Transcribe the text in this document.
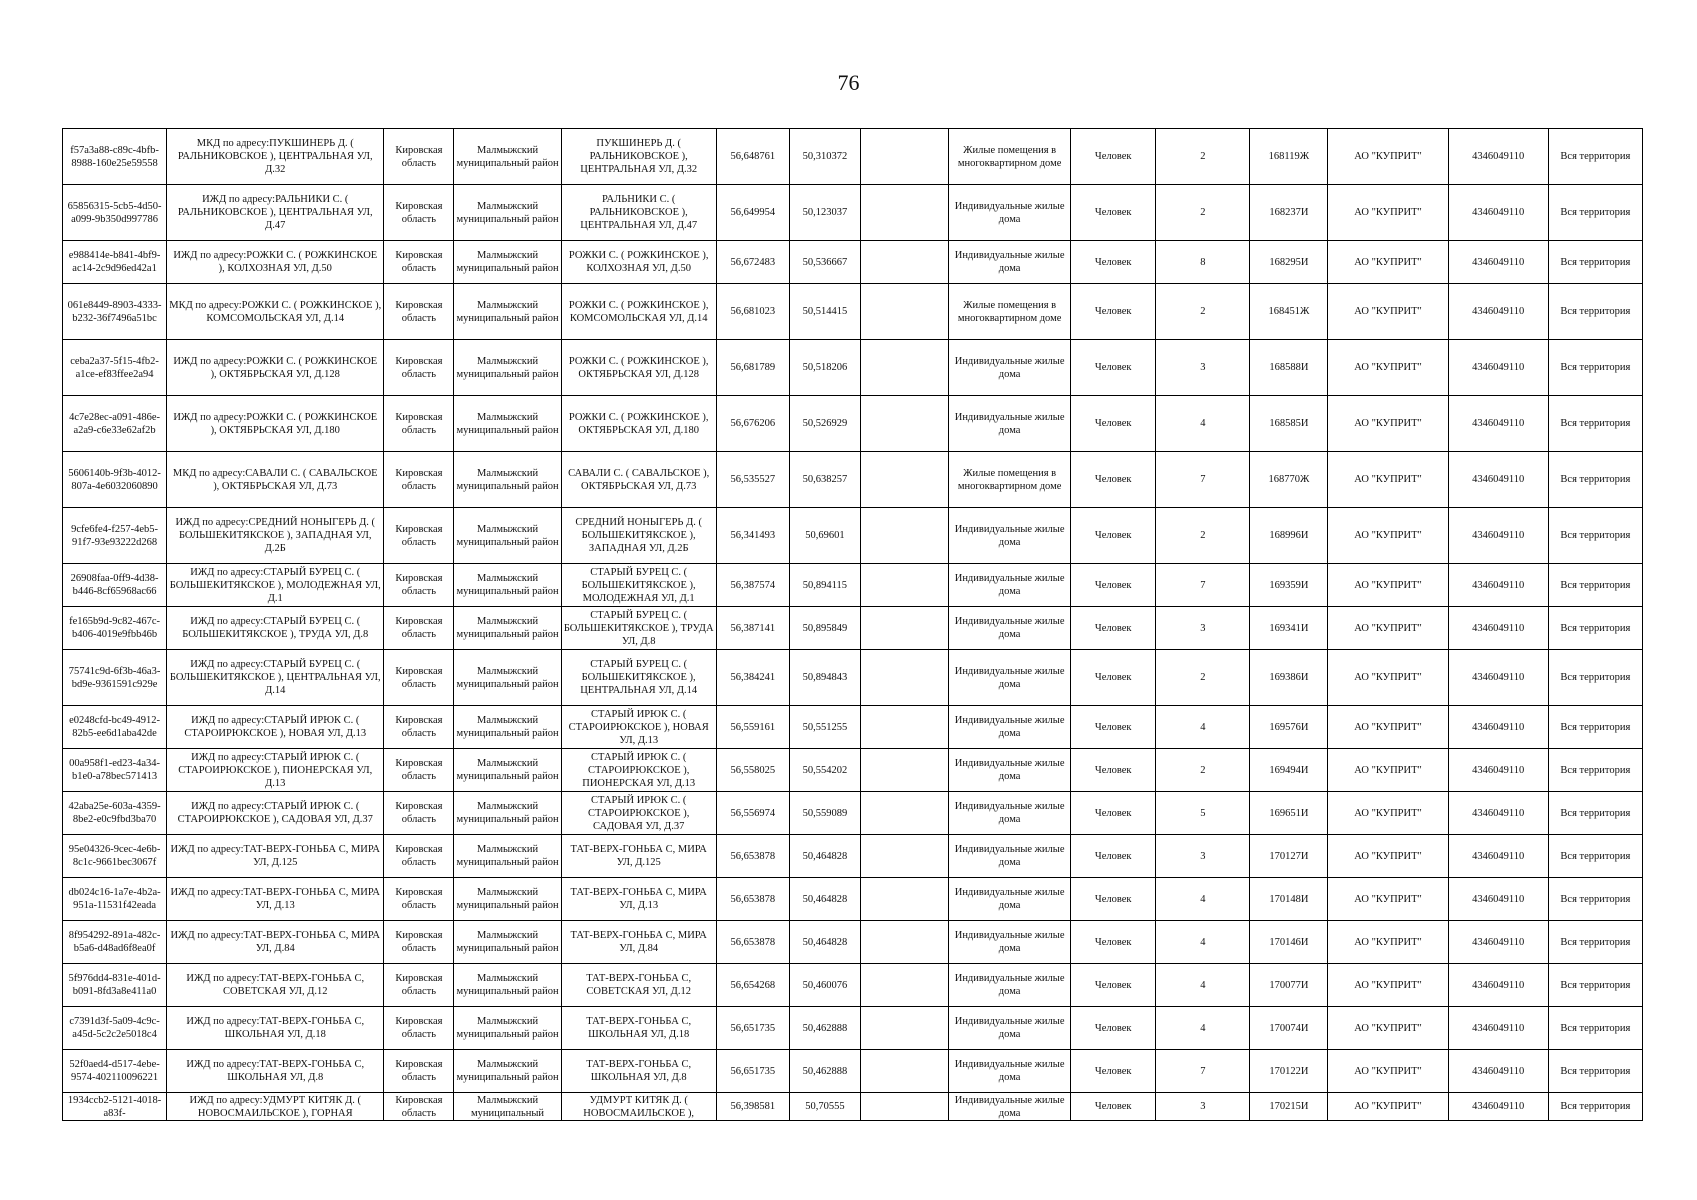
76
f57a3a88-c89c-4bfb-8988-160e25e59558	МКД по адресу:ПУКШИНЕРЬ Д. ( РАЛЬНИКОВСКОЕ ), ЦЕНТРАЛЬНАЯ УЛ, Д.32	Кировская область	Малмыжский муниципальный район	ПУКШИНЕРЬ Д. ( РАЛЬНИКОВСКОЕ ), ЦЕНТРАЛЬНАЯ УЛ, Д.32	56,648761	50,310372		Жилые помещения в многоквартирном доме	Человек	2	168119Ж	АО "КУПРИТ"	4346049110	Вся территория
65856315-5cb5-4d50-a099-9b350d997786	ИЖД по адресу:РАЛЬНИКИ С. ( РАЛЬНИКОВСКОЕ ), ЦЕНТРАЛЬНАЯ УЛ, Д.47	Кировская область	Малмыжский муниципальный район	РАЛЬНИКИ С. ( РАЛЬНИКОВСКОЕ ), ЦЕНТРАЛЬНАЯ УЛ, Д.47	56,649954	50,123037		Индивидуальные жилые дома	Человек	2	168237И	АО "КУПРИТ"	4346049110	Вся территория
e988414e-b841-4bf9-ac14-2c9d96ed42a1	ИЖД по адресу:РОЖКИ С. ( РОЖКИНСКОЕ ), КОЛХОЗНАЯ УЛ, Д.50	Кировская область	Малмыжский муниципальный район	РОЖКИ С. ( РОЖКИНСКОЕ ), КОЛХОЗНАЯ УЛ, Д.50	56,672483	50,536667		Индивидуальные жилые дома	Человек	8	168295И	АО "КУПРИТ"	4346049110	Вся территория
061e8449-8903-4333-b232-36f7496a51bc	МКД по адресу:РОЖКИ С. ( РОЖКИНСКОЕ ), КОМСОМОЛЬСКАЯ УЛ, Д.14	Кировская область	Малмыжский муниципальный район	РОЖКИ С. ( РОЖКИНСКОЕ ), КОМСОМОЛЬСКАЯ УЛ, Д.14	56,681023	50,514415		Жилые помещения в многоквартирном доме	Человек	2	168451Ж	АО "КУПРИТ"	4346049110	Вся территория
ceba2a37-5f15-4fb2-a1ce-ef83ffee2a94	ИЖД по адресу:РОЖКИ С. ( РОЖКИНСКОЕ ), ОКТЯБРЬСКАЯ УЛ, Д.128	Кировская область	Малмыжский муниципальный район	РОЖКИ С. ( РОЖКИНСКОЕ ), ОКТЯБРЬСКАЯ УЛ, Д.128	56,681789	50,518206		Индивидуальные жилые дома	Человек	3	168588И	АО "КУПРИТ"	4346049110	Вся территория
4c7e28ec-a091-486e-a2a9-c6e33e62af2b	ИЖД по адресу:РОЖКИ С. ( РОЖКИНСКОЕ ), ОКТЯБРЬСКАЯ УЛ, Д.180	Кировская область	Малмыжский муниципальный район	РОЖКИ С. ( РОЖКИНСКОЕ ), ОКТЯБРЬСКАЯ УЛ, Д.180	56,676206	50,526929		Индивидуальные жилые дома	Человек	4	168585И	АО "КУПРИТ"	4346049110	Вся территория
5606140b-9f3b-4012-807a-4e6032060890	МКД по адресу:САВАЛИ С. ( САВАЛЬСКОЕ ), ОКТЯБРЬСКАЯ УЛ, Д.73	Кировская область	Малмыжский муниципальный район	САВАЛИ С. ( САВАЛЬСКОЕ ), ОКТЯБРЬСКАЯ УЛ, Д.73	56,535527	50,638257		Жилые помещения в многоквартирном доме	Человек	7	168770Ж	АО "КУПРИТ"	4346049110	Вся территория
9cfe6fe4-f257-4eb5-91f7-93e93222d268	ИЖД по адресу:СРЕДНИЙ НОНЫГЕРЬ Д. ( БОЛЬШЕКИТЯКСКОЕ ), ЗАПАДНАЯ УЛ, Д.2Б	Кировская область	Малмыжский муниципальный район	СРЕДНИЙ НОНЫГЕРЬ Д. ( БОЛЬШЕКИТЯКСКОЕ ), ЗАПАДНАЯ УЛ, Д.2Б	56,341493	50,69601		Индивидуальные жилые дома	Человек	2	168996И	АО "КУПРИТ"	4346049110	Вся территория
26908faa-0ff9-4d38-b446-8cf65968ac66	ИЖД по адресу:СТАРЫЙ БУРЕЦ С. ( БОЛЬШЕКИТЯКСКОЕ ), МОЛОДЕЖНАЯ УЛ, Д.1	Кировская область	Малмыжский муниципальный район	СТАРЫЙ БУРЕЦ С. ( БОЛЬШЕКИТЯКСКОЕ ), МОЛОДЕЖНАЯ УЛ, Д.1	56,387574	50,894115		Индивидуальные жилые дома	Человек	7	169359И	АО "КУПРИТ"	4346049110	Вся территория
fe165b9d-9c82-467c-b406-4019e9fbb46b	ИЖД по адресу:СТАРЫЙ БУРЕЦ С. ( БОЛЬШЕКИТЯКСКОЕ ), ТРУДА УЛ, Д.8	Кировская область	Малмыжский муниципальный район	СТАРЫЙ БУРЕЦ С. ( БОЛЬШЕКИТЯКСКОЕ ), ТРУДА УЛ, Д.8	56,387141	50,895849		Индивидуальные жилые дома	Человек	3	169341И	АО "КУПРИТ"	4346049110	Вся территория
75741c9d-6f3b-46a3-bd9e-9361591c929e	ИЖД по адресу:СТАРЫЙ БУРЕЦ С. ( БОЛЬШЕКИТЯКСКОЕ ), ЦЕНТРАЛЬНАЯ УЛ, Д.14	Кировская область	Малмыжский муниципальный район	СТАРЫЙ БУРЕЦ С. ( БОЛЬШЕКИТЯКСКОЕ ), ЦЕНТРАЛЬНАЯ УЛ, Д.14	56,384241	50,894843		Индивидуальные жилые дома	Человек	2	169386И	АО "КУПРИТ"	4346049110	Вся территория
e0248cfd-bc49-4912-82b5-ee6d1aba42de	ИЖД по адресу:СТАРЫЙ ИРЮК С. ( СТАРОИРЮКСКОЕ ), НОВАЯ УЛ, Д.13	Кировская область	Малмыжский муниципальный район	СТАРЫЙ ИРЮК С. ( СТАРОИРЮКСКОЕ ), НОВАЯ УЛ, Д.13	56,559161	50,551255		Индивидуальные жилые дома	Человек	4	169576И	АО "КУПРИТ"	4346049110	Вся территория
00a958f1-ed23-4a34-b1e0-a78bec571413	ИЖД по адресу:СТАРЫЙ ИРЮК С. ( СТАРОИРЮКСКОЕ ), ПИОНЕРСКАЯ УЛ, Д.13	Кировская область	Малмыжский муниципальный район	СТАРЫЙ ИРЮК С. ( СТАРОИРЮКСКОЕ ), ПИОНЕРСКАЯ УЛ, Д.13	56,558025	50,554202		Индивидуальные жилые дома	Человек	2	169494И	АО "КУПРИТ"	4346049110	Вся территория
42aba25e-603a-4359-8be2-e0c9fbd3ba70	ИЖД по адресу:СТАРЫЙ ИРЮК С. ( СТАРОИРЮКСКОЕ ), САДОВАЯ УЛ, Д.37	Кировская область	Малмыжский муниципальный район	СТАРЫЙ ИРЮК С. ( СТАРОИРЮКСКОЕ ), САДОВАЯ УЛ, Д.37	56,556974	50,559089		Индивидуальные жилые дома	Человек	5	169651И	АО "КУПРИТ"	4346049110	Вся территория
95e04326-9cec-4e6b-8c1c-9661bec3067f	ИЖД по адресу:ТАТ-ВЕРХ-ГОНЬБА С, МИРА УЛ, Д.125	Кировская область	Малмыжский муниципальный район	ТАТ-ВЕРХ-ГОНЬБА С, МИРА УЛ, Д.125	56,653878	50,464828		Индивидуальные жилые дома	Человек	3	170127И	АО "КУПРИТ"	4346049110	Вся территория
db024c16-1a7e-4b2a-951a-11531f42eada	ИЖД по адресу:ТАТ-ВЕРХ-ГОНЬБА С, МИРА УЛ, Д.13	Кировская область	Малмыжский муниципальный район	ТАТ-ВЕРХ-ГОНЬБА С, МИРА УЛ, Д.13	56,653878	50,464828		Индивидуальные жилые дома	Человек	4	170148И	АО "КУПРИТ"	4346049110	Вся территория
8f954292-891a-482c-b5a6-d48ad6f8ea0f	ИЖД по адресу:ТАТ-ВЕРХ-ГОНЬБА С, МИРА УЛ, Д.84	Кировская область	Малмыжский муниципальный район	ТАТ-ВЕРХ-ГОНЬБА С, МИРА УЛ, Д.84	56,653878	50,464828		Индивидуальные жилые дома	Человек	4	170146И	АО "КУПРИТ"	4346049110	Вся территория
5f976dd4-831e-401d-b091-8fd3a8e411a0	ИЖД по адресу:ТАТ-ВЕРХ-ГОНЬБА С, СОВЕТСКАЯ УЛ, Д.12	Кировская область	Малмыжский муниципальный район	ТАТ-ВЕРХ-ГОНЬБА С, СОВЕТСКАЯ УЛ, Д.12	56,654268	50,460076		Индивидуальные жилые дома	Человек	4	170077И	АО "КУПРИТ"	4346049110	Вся территория
c7391d3f-5a09-4c9c-a45d-5c2c2e5018c4	ИЖД по адресу:ТАТ-ВЕРХ-ГОНЬБА С, ШКОЛЬНАЯ УЛ, Д.18	Кировская область	Малмыжский муниципальный район	ТАТ-ВЕРХ-ГОНЬБА С, ШКОЛЬНАЯ УЛ, Д.18	56,651735	50,462888		Индивидуальные жилые дома	Человек	4	170074И	АО "КУПРИТ"	4346049110	Вся территория
52f0aed4-d517-4ebe-9574-402110096221	ИЖД по адресу:ТАТ-ВЕРХ-ГОНЬБА С, ШКОЛЬНАЯ УЛ, Д.8	Кировская область	Малмыжский муниципальный район	ТАТ-ВЕРХ-ГОНЬБА С, ШКОЛЬНАЯ УЛ, Д.8	56,651735	50,462888		Индивидуальные жилые дома	Человек	7	170122И	АО "КУПРИТ"	4346049110	Вся территория
1934ccb2-5121-4018-a83f-	ИЖД по адресу:УДМУРТ КИТЯК Д. ( НОВОСМАИЛЬСКОЕ ), ГОРНАЯ	Кировская область	Малмыжский муниципальный	УДМУРТ КИТЯК Д. ( НОВОСМАИЛЬСКОЕ ),	56,398581	50,70555		Индивидуальные жилые дома	Человек	3	170215И	АО "КУПРИТ"	4346049110	Вся территория
